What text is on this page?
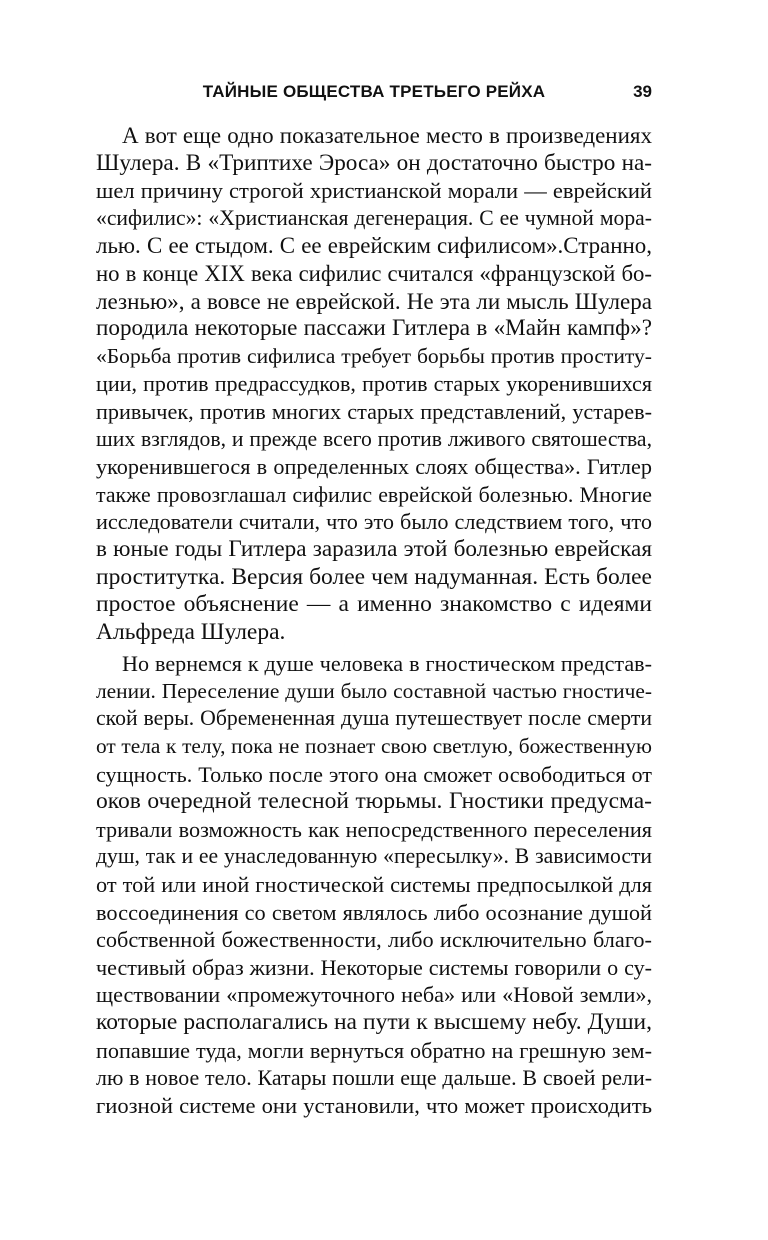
ТАЙНЫЕ ОБЩЕСТВА ТРЕТЬЕГО РЕЙХА	39
А вот еще одно показательное место в произведениях
Шулера. В «Триптихе Эроса» он достаточно быстро на-
шел причину строгой христианской морали — еврейский
«сифилис»: «Христианская дегенерация. С ее чумной мора-
лью. С ее стыдом. С ее еврейским сифилисом».Странно,
но в конце XIX века сифилис считался «французской бо-
лезнью», а вовсе не еврейской. Не эта ли мысль Шулера
породила некоторые пассажи Гитлера в «Майн кампф»?
«Борьба против сифилиса требует борьбы против проститу-
ции, против предрассудков, против старых укоренившихся
привычек, против многих старых представлений, устарев-
ших взглядов, и прежде всего против лживого святошества,
укоренившегося в определенных слоях общества». Гитлер
также провозглашал сифилис еврейской болезнью. Многие
исследователи считали, что это было следствием того, что
в юные годы Гитлера заразила этой болезнью еврейская
проститутка. Версия более чем надуманная. Есть более
простое объяснение — а именно знакомство с идеями
Альфреда Шулера.
Но вернемся к душе человека в гностическом представ-
лении. Переселение души было составной частью гностиче-
ской веры. Обремененная душа путешествует после смерти
от тела к телу, пока не познает свою светлую, божественную
сущность. Только после этого она сможет освободиться от
оков очередной телесной тюрьмы. Гностики предусма-
тривали возможность как непосредственного переселения
душ, так и ее унаследованную «пересылку». В зависимости
от той или иной гностической системы предпосылкой для
воссоединения со светом являлось либо осознание душой
собственной божественности, либо исключительно благо-
честивый образ жизни. Некоторые системы говорили о су-
ществовании «промежуточного неба» или «Новой земли»,
которые располагались на пути к высшему небу. Души,
попавшие туда, могли вернуться обратно на грешную зем-
лю в новое тело. Катары пошли еще дальше. В своей рели-
гиозной системе они установили, что может происходить
